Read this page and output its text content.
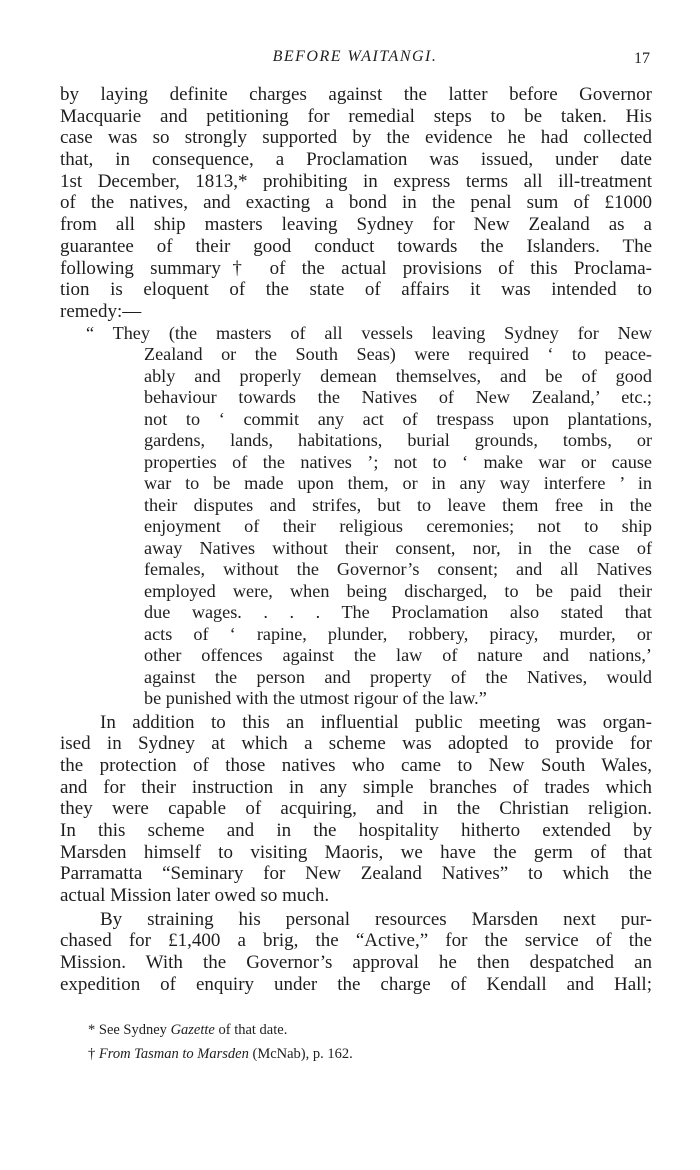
BEFORE WAITANGI.	17
by laying definite charges against the latter before Governor
Macquarie and petitioning for remedial steps to be taken. His
case was so strongly supported by the evidence he had collected
that, in consequence, a Proclamation was issued, under date
1st December, 1813,* prohibiting in express terms all ill-treatment
of the natives, and exacting a bond in the penal sum of £1000
from all ship masters leaving Sydney for New Zealand as a
guarantee of their good conduct towards the Islanders. The
following summary† of the actual provisions of this Proclama-
tion is eloquent of the state of affairs it was intended to
remedy:—
“ They (the masters of all vessels leaving Sydney for New
Zealand or the South Seas) were required ‘ to peace-
ably and properly demean themselves, and be of good
behaviour towards the Natives of New Zealand,’ etc.;
not to ‘ commit any act of trespass upon plantations,
gardens, lands, habitations, burial grounds, tombs, or
properties of the natives ’; not to ‘ make war or cause
war to be made upon them, or in any way interfere ’ in
their disputes and strifes, but to leave them free in the
enjoyment of their religious ceremonies; not to ship
away Natives without their consent, nor, in the case of
females, without the Governor’s consent; and all Natives
employed were, when being discharged, to be paid their
due wages. . . . The Proclamation also stated that
acts of ‘ rapine, plunder, robbery, piracy, murder, or
other offences against the law of nature and nations,’
against the person and property of the Natives, would
be punished with the utmost rigour of the law.”
In addition to this an influential public meeting was organ-
ised in Sydney at which a scheme was adopted to provide for
the protection of those natives who came to New South Wales,
and for their instruction in any simple branches of trades which
they were capable of acquiring, and in the Christian religion.
In this scheme and in the hospitality hitherto extended by
Marsden himself to visiting Maoris, we have the germ of that
Parramatta “Seminary for New Zealand Natives” to which the
actual Mission later owed so much.
By straining his personal resources Marsden next pur-
chased for £1,400 a brig, the “Active,” for the service of the
Mission. With the Governor’s approval he then despatched an
expedition of enquiry under the charge of Kendall and Hall;
* See Sydney Gazette of that date.
† From Tasman to Marsden (McNab), p. 162.
